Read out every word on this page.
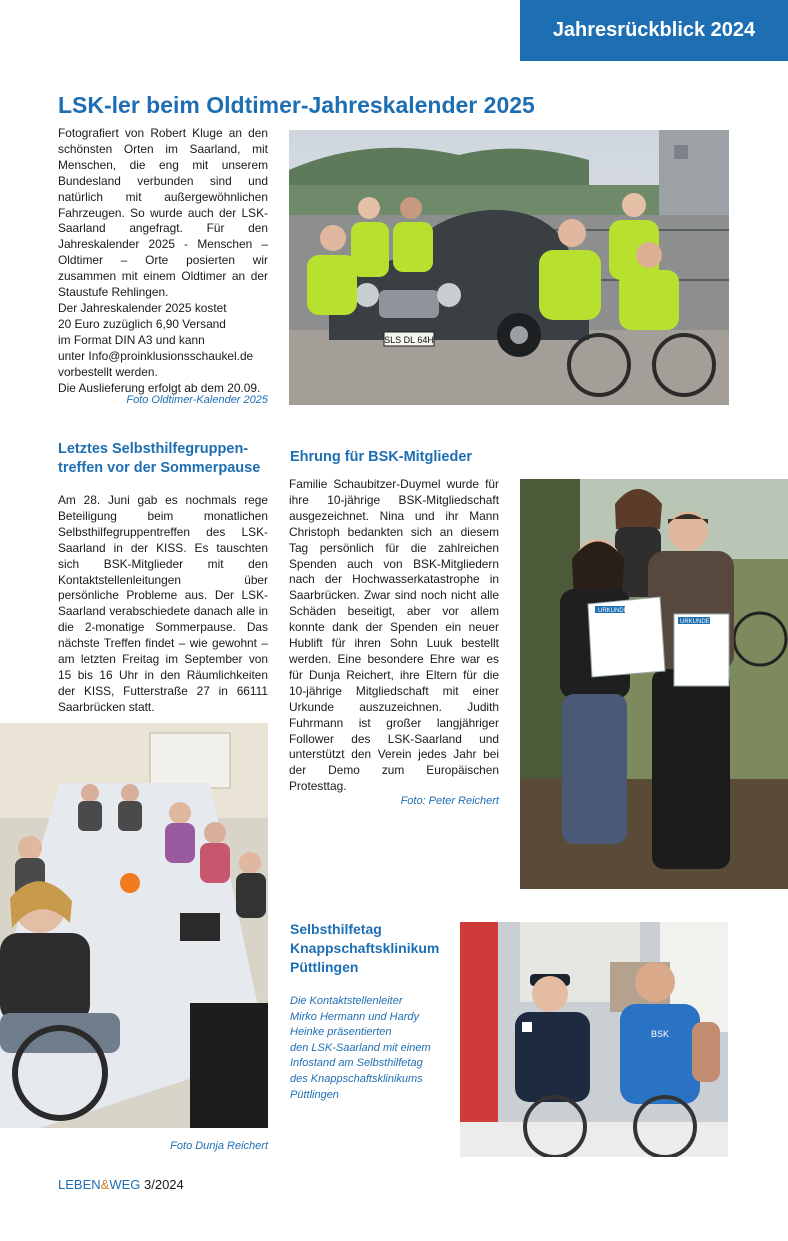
Jahresrückblick 2024
LSK-ler beim Oldtimer-Jahreskalender 2025

Fotografiert von Robert Kluge an den schönsten Orten im Saarland, mit Menschen, die eng mit unserem Bundesland verbunden sind und natürlich mit außergewöhnlichen Fahrzeugen. So wurde auch der LSK-Saarland angefragt. Für den Jahreskalender 2025 - Menschen – Oldtimer – Orte posierten wir zusammen mit einem Oldtimer an der Staustufe Rehlingen.

Der Jahreskalender 2025 kostet
20 Euro zuzüglich 6,90 Versand
im Format DIN A3 und kann
unter Info@proinklusionsschaukel.de
vorbestellt werden.
Die Auslieferung erfolgt ab dem 20.09.
Foto Oldtimer-Kalender 2025
SLS DL 64H
Letztes Selbsthilfegruppen-
treffen vor der Sommerpause
Am 28. Juni gab es nochmals rege Beteiligung beim monatlichen Selbsthilfegruppentreffen des LSK-Saarland in der KISS. Es tauschten sich BSK-Mitglieder mit den Kontaktstellenleitungen über persönliche Probleme aus. Der LSK-Saarland verabschiedete danach alle in die 2-monatige Sommerpause. Das nächste Treffen findet – wie gewohnt – am letzten Freitag im September von 15 bis 16 Uhr in den Räumlichkeiten der KISS, Futterstraße 27 in 66111 Saarbrücken statt.
Foto Dunja Reichert
Ehrung für BSK-Mitglieder
Familie Schaubitzer-Duymel wurde für ihre 10-jährige BSK-Mitgliedschaft ausgezeichnet. Nina und ihr Mann Christoph bedankten sich an diesem Tag persönlich für die zahlreichen Spenden auch von BSK-Mitgliedern nach der Hochwasserkatastrophe in Saarbrücken. Zwar sind noch nicht alle Schäden beseitigt, aber vor allem konnte dank der Spenden ein neuer Hublift für ihren Sohn Luuk bestellt werden. Eine besondere Ehre war es für Dunja Reichert, ihre Eltern für die 10-jährige Mitgliedschaft mit einer Urkunde auszuzeichnen. Judith Fuhrmann ist großer langjähriger Follower des LSK-Saarland und unterstützt den Verein jedes Jahr bei der Demo zum Europäischen Protesttag.
Foto: Peter Reichert
URKUNDE
URKUNDE
Selbsthilfetag
Knappschaftsklinikum
Püttlingen
Die Kontaktstellenleiter
Mirko Hermann und Hardy
Heinke präsentierten
den LSK-Saarland mit einem
Infostand am Selbsthilfetag
des Knappschaftsklinikums
Püttlingen
BSK
LEBEN&WEG 3/2024
